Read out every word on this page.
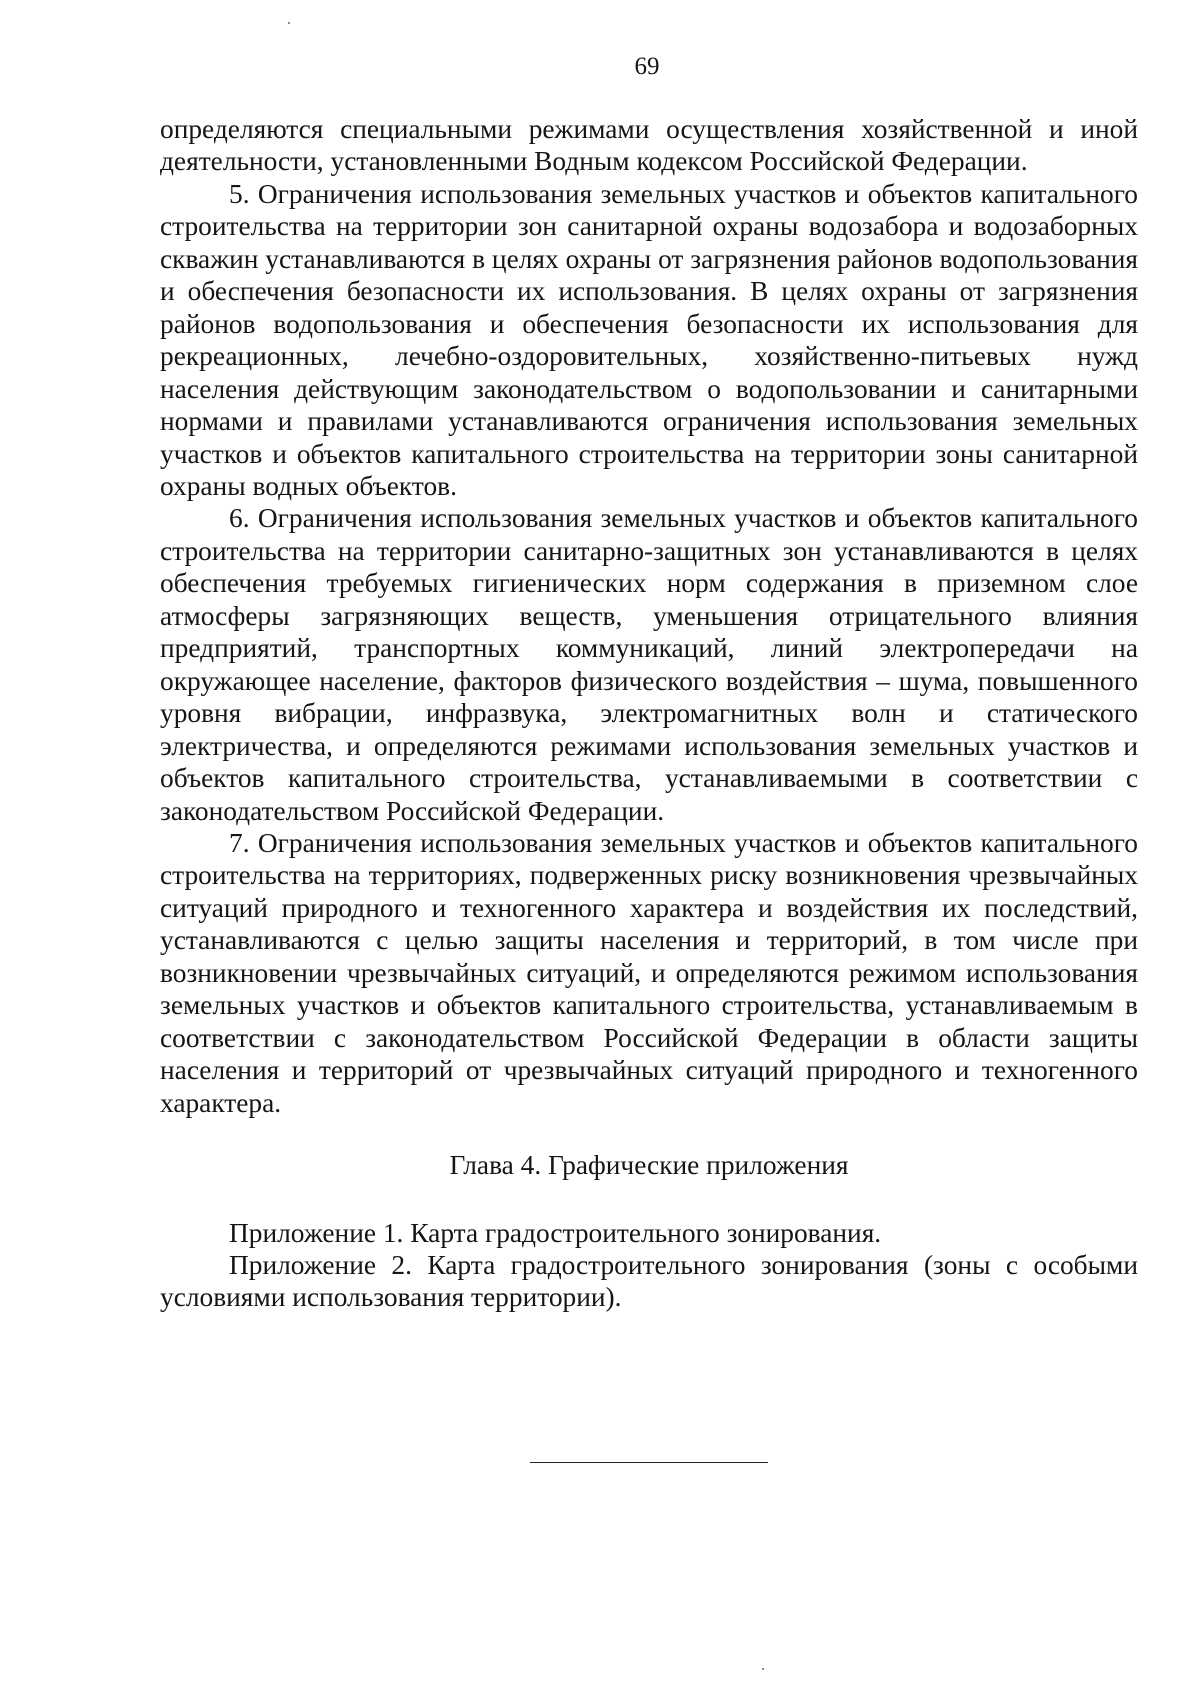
69

определяются специальными режимами осуществления хозяйственной и иной деятельности, установленными Водным кодексом Российской Федерации.

5. Ограничения использования земельных участков и объектов капитального строительства на территории зон санитарной охраны водозабора и водозаборных скважин устанавливаются в целях охраны от загрязнения районов водопользования и обеспечения безопасности их использования. В целях охраны от загрязнения районов водопользования и обеспечения безопасности их использования для рекреационных, лечебно-оздоровительных, хозяйственно-питьевых нужд населения действующим законодательством о водопользовании и санитарными нормами и правилами устанавливаются ограничения использования земельных участков и объектов капитального строительства на территории зоны санитарной охраны водных объектов.

6. Ограничения использования земельных участков и объектов капитального строительства на территории санитарно-защитных зон устанавливаются в целях обеспечения требуемых гигиенических норм содержания в приземном слое атмосферы загрязняющих веществ, уменьшения отрицательного влияния предприятий, транспортных коммуникаций, линий электропередачи на окружающее население, факторов физического воздействия – шума, повышенного уровня вибрации, инфразвука, электромагнитных волн и статического электричества, и определяются режимами использования земельных участков и объектов капитального строительства, устанавливаемыми в соответствии с законодательством Российской Федерации.

7. Ограничения использования земельных участков и объектов капитального строительства на территориях, подверженных риску возникновения чрезвычайных ситуаций природного и техногенного характера и воздействия их последствий, устанавливаются с целью защиты населения и территорий, в том числе при возникновении чрезвычайных ситуаций, и определяются режимом использования земельных участков и объектов капитального строительства, устанавливаемым в соответствии с законодательством Российской Федерации в области защиты населения и территорий от чрезвычайных ситуаций природного и техногенного характера.

Глава 4. Графические приложения

Приложение 1. Карта градостроительного зонирования.

Приложение 2. Карта градостроительного зонирования (зоны с особыми условиями использования территории).
